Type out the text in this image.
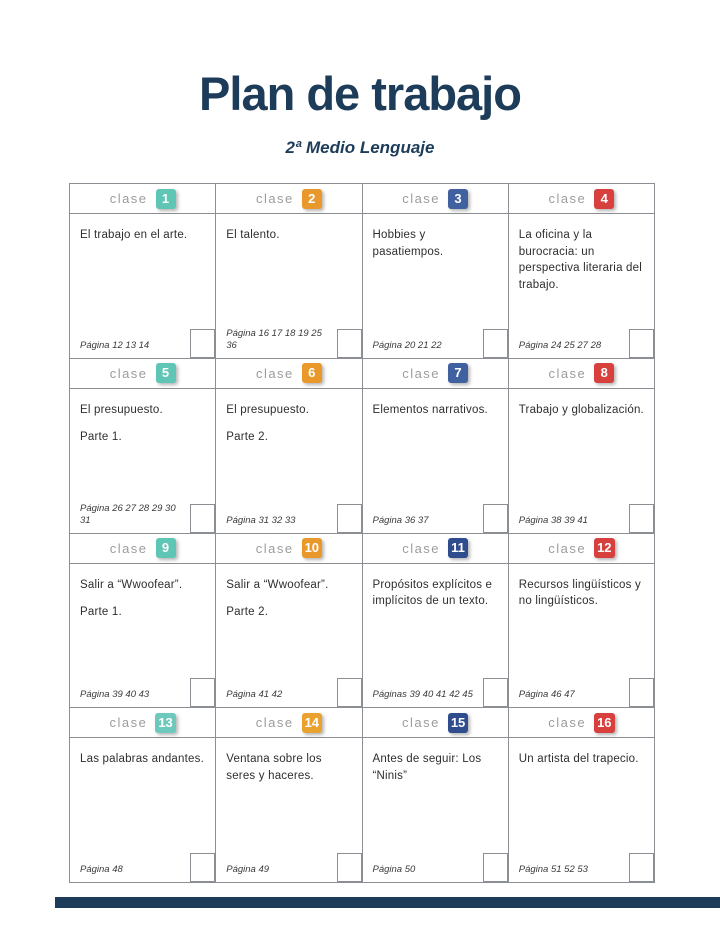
Plan de trabajo
2ª Medio Lenguaje
clase	1

El trabajo en el arte.

Página 12 13 14
clase	2

El talento.

Página 16 17 18 19 25 36
clase	3

Hobbies y pasatiempos.

Página 20 21 22
clase	4

La oficina y la burocracia: un perspectiva literaria del trabajo.

Página 24 25 27 28
clase	5

El presupuesto.

Parte 1.

Página 26 27 28 29 30 31
clase	6

El presupuesto.

Parte 2.

Página 31 32 33
clase	7

Elementos narrativos.

Página 36 37
clase	8

Trabajo y globalización.

Página 38 39 41
clase	9

Salir a “Wwoofear”.

Parte 1.

Página 39 40 43
clase 10

Salir a “Wwoofear”.

Parte 2.

Página 41 42
clase 11

Propósitos explícitos e implícitos de un texto.

Páginas 39 40 41 42 45
clase 12

Recursos lingüísticos y no lingüísticos.

Página 46 47
clase 13

Las palabras andantes.

Página 48
clase 14

Ventana sobre los seres y haceres.

Página 49
clase 15

Antes de seguir: Los “Ninis”

Página 50
clase 16

Un artista del trapecio.

Página 51 52 53
